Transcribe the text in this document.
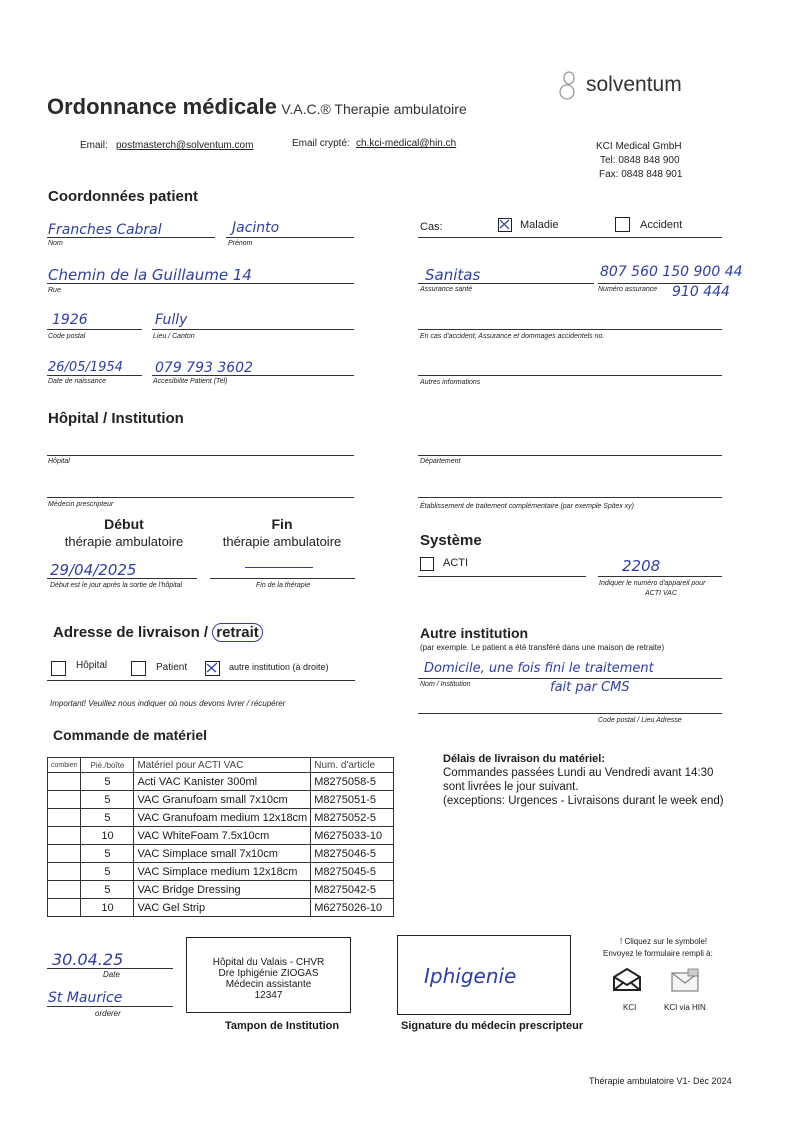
Ordonnance médicale V.A.C.® Therapie ambulatoire
solventum
Email: postmasterch@solventum.com	Email crypté: ch.kci-medical@hin.ch	KCI Medical GmbH
Tel: 0848 848 900
Fax: 0848 848 901
Coordonnées patient
Franches Cabral
Nom
Jacinto
Prénom
Cas:	Maladie	Accident
Chemin de la Guillaume 14
Rue
Sanitas
Assurance santé
807 560 150 900 44
Numéro assurance 910 444
1926
Code postal
Fully
Lieu / Canton	En cas d'accident; Assurance et dommages accidentels no.
26/05/1954
Date de naissance
079 793 3602
Accesibilite Patient (Tel)	Autres informations
Hôpital / Institution
Hôpital	Département
Médecin prescripteur	Établissement de traitement complémentaire (par exemple Spitex xy)
Début
thérapie ambulatoire
Fin
thérapie ambulatoire
29/04/2025
Début est le jour après la sortie de l'hôpital	Fin de la thérapie
Système
ACTI	2208
Indiquer le numéro d'appareil pour
ACTI VAC
Adresse de livraison / retrait
Hôpital	Patient	autre institution (à droite)
Important! Veuillez nous indiquer où nous devons livrer / récupérer
Autre institution
(par exemple. Le patient a été transféré dans une maison de retraite)
Domicile, une fois fini le traitement
fait par CMS
Nom / Institution
Code postal / Lieu Adresse
Commande de matériel
combien	Pié./boîte	Matériel pour ACTI VAC	Num. d'article
	5	Acti VAC Kanister 300ml	M8275058-5
	5	VAC Granufoam small 7x10cm	M8275051-5
	5	VAC Granufoam medium 12x18cm	M8275052-5
	10	VAC WhiteFoam 7.5x10cm	M6275033-10
	5	VAC Simplace small 7x10cm	M8275046-5
	5	VAC Simplace medium 12x18cm	M8275045-5
	5	VAC Bridge Dressing	M8275042-5
	10	VAC Gel Strip	M6275026-10
Délais de livraison du matériel:
Commandes passées Lundi au Vendredi avant 14:30
sont livrées le jour suivant.
(exceptions: Urgences - Livraisons durant le week end)
30.04.25
Date
St Maurice
orderer
Hôpital du Valais - CHVR
Dre Iphigénie ZIOGAS
Médecin assistante
12347
Tampon de Institution
Iphigenie
Signature du médecin prescripteur
! Cliquez sur le symbole!
Envoyez le formulaire rempli à:
KCI	KCI via HIN
Thérapie ambulatoire V1- Déc 2024
